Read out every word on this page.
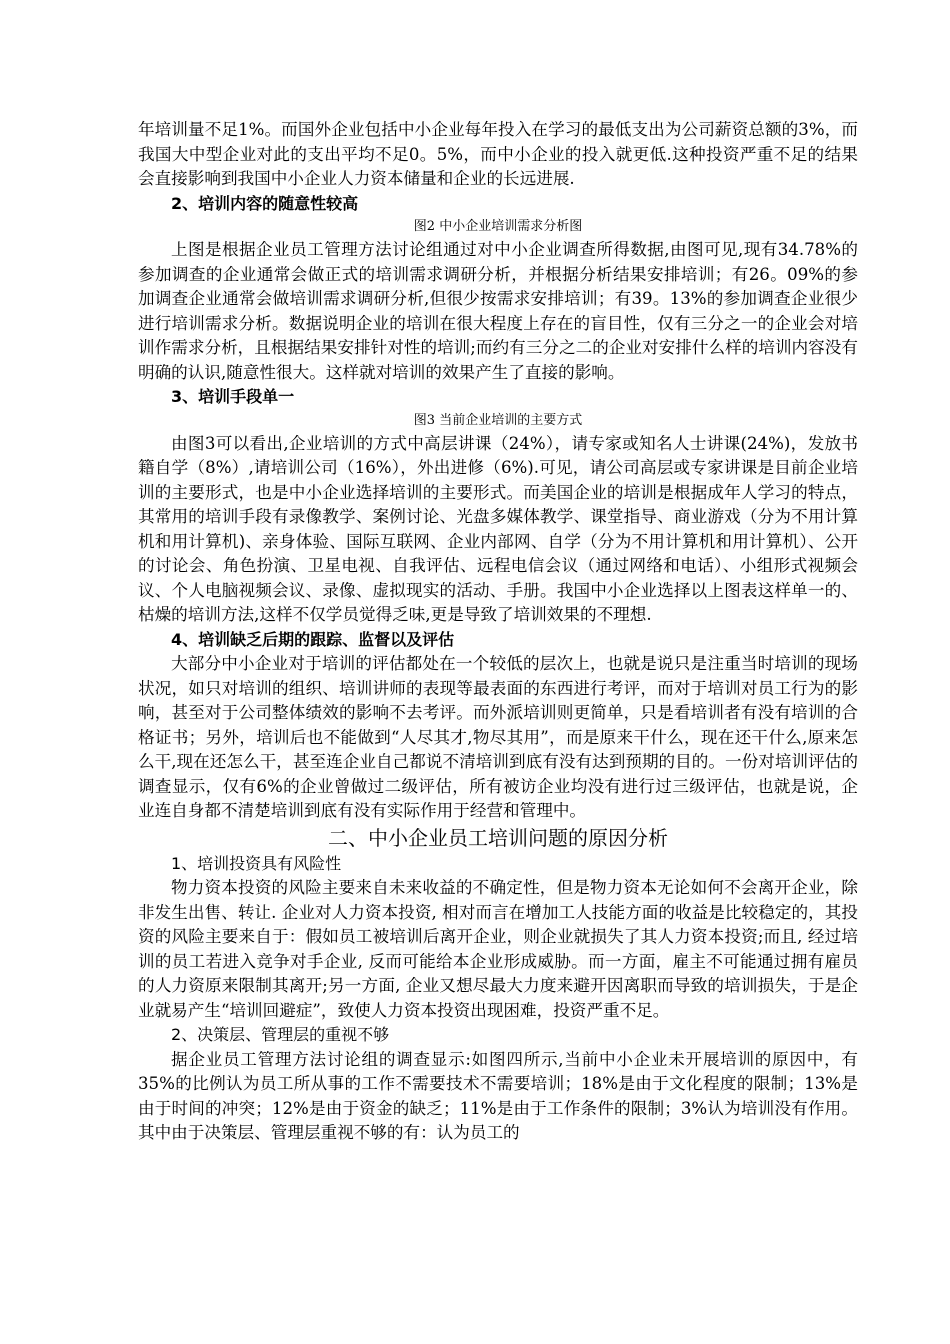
年培训量不足1%。而国外企业包括中小企业每年投入在学习的最低支出为公司薪资总额的3%，而我国大中型企业对此的支出平均不足0。5%，而中小企业的投入就更低.这种投资严重不足的结果会直接影响到我国中小企业人力资本储量和企业的长远进展.

2、培训内容的随意性较高

图2 中小企业培训需求分析图

上图是根据企业员工管理方法讨论组通过对中小企业调查所得数据,由图可见,现有34.78%的参加调查的企业通常会做正式的培训需求调研分析，并根据分析结果安排培训；有26。09%的参加调查企业通常会做培训需求调研分析,但很少按需求安排培训；有39。13%的参加调查企业很少进行培训需求分析。数据说明企业的培训在很大程度上存在的盲目性，仅有三分之一的企业会对培训作需求分析，且根据结果安排针对性的培训;而约有三分之二的企业对安排什么样的培训内容没有明确的认识,随意性很大。这样就对培训的效果产生了直接的影响。

3、培训手段单一

图3 当前企业培训的主要方式

由图3可以看出,企业培训的方式中高层讲课（24%），请专家或知名人士讲课(24%)，发放书籍自学（8%）,请培训公司（16%），外出进修（6%).可见，请公司高层或专家讲课是目前企业培训的主要形式，也是中小企业选择培训的主要形式。而美国企业的培训是根据成年人学习的特点，其常用的培训手段有录像教学、案例讨论、光盘多媒体教学、课堂指导、商业游戏（分为不用计算机和用计算机)、亲身体验、国际互联网、企业内部网、自学（分为不用计算机和用计算机）、公开的讨论会、角色扮演、卫星电视、自我评估、远程电信会议（通过网络和电话）、小组形式视频会议、个人电脑视频会议、录像、虚拟现实的活动、手册。我国中小企业选择以上图表这样单一的、枯燥的培训方法,这样不仅学员觉得乏味,更是导致了培训效果的不理想.

4、培训缺乏后期的跟踪、监督以及评估

大部分中小企业对于培训的评估都处在一个较低的层次上，也就是说只是注重当时培训的现场状况，如只对培训的组织、培训讲师的表现等最表面的东西进行考评，而对于培训对员工行为的影响，甚至对于公司整体绩效的影响不去考评。而外派培训则更简单，只是看培训者有没有培训的合格证书；另外，培训后也不能做到“人尽其才,物尽其用”，而是原来干什么，现在还干什么,原来怎么干,现在还怎么干，甚至连企业自己都说不清培训到底有没有达到预期的目的。一份对培训评估的调查显示，仅有6%的企业曾做过二级评估，所有被访企业均没有进行过三级评估，也就是说，企业连自身都不清楚培训到底有没有实际作用于经营和管理中。

二、中小企业员工培训问题的原因分析

1、培训投资具有风险性

物力资本投资的风险主要来自未来收益的不确定性，但是物力资本无论如何不会离开企业，除非发生出售、转让. 企业对人力资本投资, 相对而言在增加工人技能方面的收益是比较稳定的，其投资的风险主要来自于：假如员工被培训后离开企业，则企业就损失了其人力资本投资;而且, 经过培训的员工若进入竞争对手企业, 反而可能给本企业形成威胁。而一方面，雇主不可能通过拥有雇员的人力资原来限制其离开;另一方面, 企业又想尽最大力度来避开因离职而导致的培训损失，于是企业就易产生“培训回避症”，致使人力资本投资出现困难，投资严重不足。

2、决策层、管理层的重视不够

据企业员工管理方法讨论组的调查显示:如图四所示,当前中小企业未开展培训的原因中，有35%的比例认为员工所从事的工作不需要技术不需要培训；18%是由于文化程度的限制；13%是由于时间的冲突；12%是由于资金的缺乏；11%是由于工作条件的限制；3%认为培训没有作用。其中由于决策层、管理层重视不够的有：认为员工的
